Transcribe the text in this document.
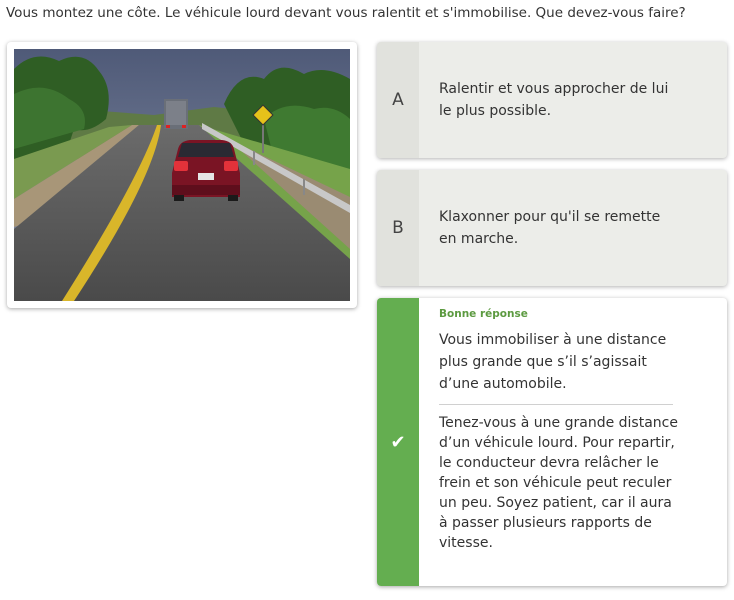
Vous montez une côte. Le véhicule lourd devant vous ralentit et s'immobilise. Que devez-vous faire?
A
Ralentir et vous approcher de lui le plus possible.
B
Klaxonner pour qu'il se remette en marche.
✔
Bonne réponse
Vous immobiliser à une distance plus grande que s’il s’agissait d’une automobile.
Tenez-vous à une grande distance d’un véhicule lourd. Pour repartir, le conducteur devra relâcher le frein et son véhicule peut reculer un peu. Soyez patient, car il aura à passer plusieurs rapports de vitesse.
